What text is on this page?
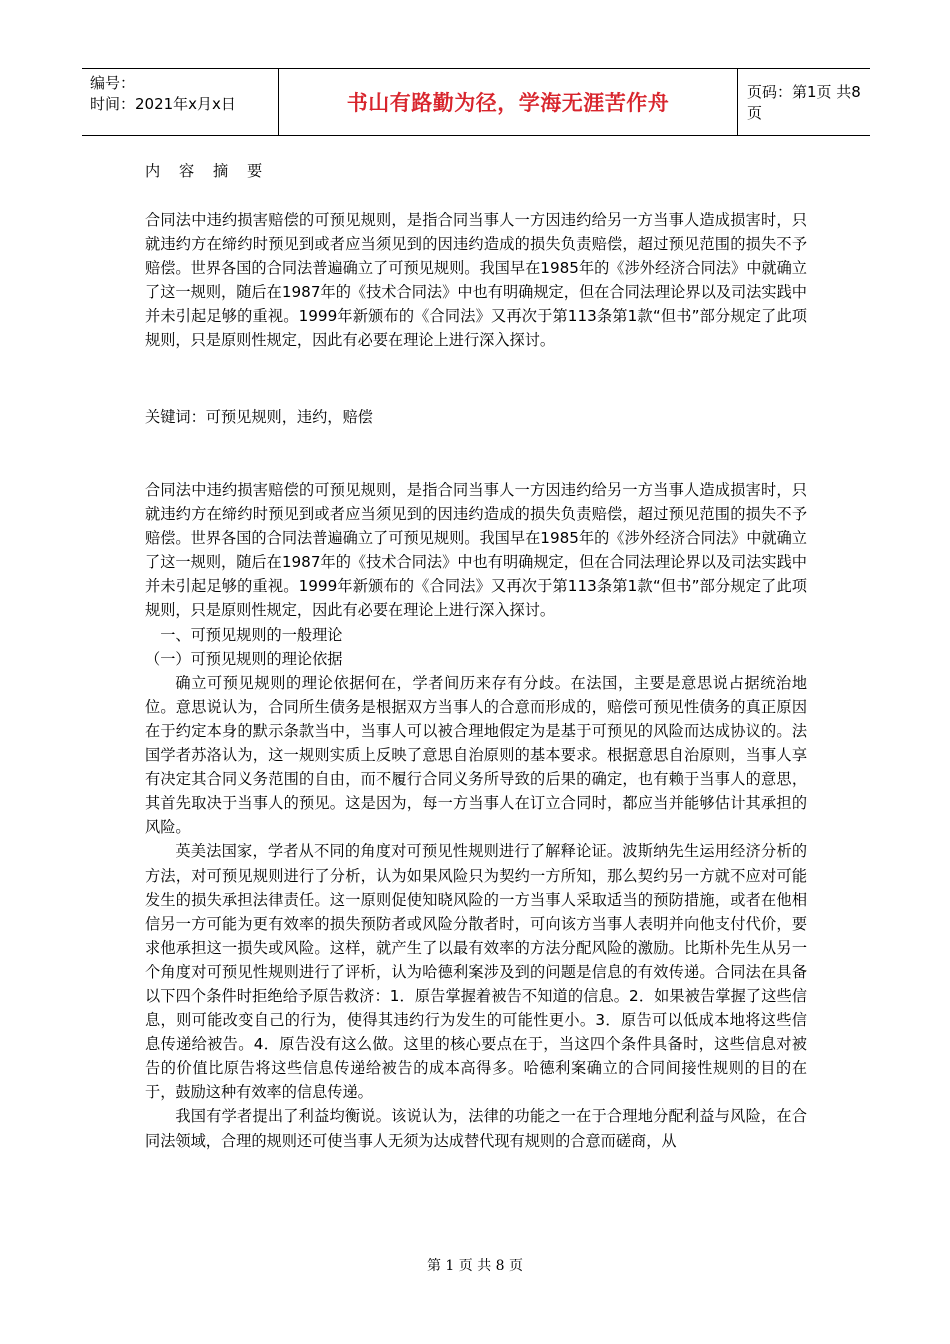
编号：
时间：2021年x月x日	书山有路勤为径，学海无涯苦作舟	页码：第1页 共8页
内 容 摘 要

合同法中违约损害赔偿的可预见规则，是指合同当事人一方因违约给另一方当事人造成损害时，只就违约方在缔约时预见到或者应当须见到的因违约造成的损失负责赔偿，超过预见范围的损失不予赔偿。世界各国的合同法普遍确立了可预见规则。我国早在1985年的《涉外经济合同法》中就确立了这一规则，随后在1987年的《技术合同法》中也有明确规定，但在合同法理论界以及司法实践中并未引起足够的重视。1999年新颁布的《合同法》又再次于第113条第1款“但书”部分规定了此项规则，只是原则性规定，因此有必要在理论上进行深入探讨。

关键词：可预见规则，违约，赔偿

合同法中违约损害赔偿的可预见规则，是指合同当事人一方因违约给另一方当事人造成损害时，只就违约方在缔约时预见到或者应当须见到的因违约造成的损失负责赔偿，超过预见范围的损失不予赔偿。世界各国的合同法普遍确立了可预见规则。我国早在1985年的《涉外经济合同法》中就确立了这一规则，随后在1987年的《技术合同法》中也有明确规定，但在合同法理论界以及司法实践中并未引起足够的重视。1999年新颁布的《合同法》又再次于第113条第1款“但书”部分规定了此项规则，只是原则性规定，因此有必要在理论上进行深入探讨。

　一、可预见规则的一般理论

（一）可预见规则的理论依据

确立可预见规则的理论依据何在，学者间历来存有分歧。在法国，主要是意思说占据统治地位。意思说认为，合同所生债务是根据双方当事人的合意而形成的，赔偿可预见性债务的真正原因在于约定本身的默示条款当中，当事人可以被合理地假定为是基于可预见的风险而达成协议的。法国学者苏洛认为，这一规则实质上反映了意思自治原则的基本要求。根据意思自治原则，当事人享有决定其合同义务范围的自由，而不履行合同义务所导致的后果的确定，也有赖于当事人的意思，其首先取决于当事人的预见。这是因为，每一方当事人在订立合同时，都应当并能够估计其承担的风险。

英美法国家，学者从不同的角度对可预见性规则进行了解释论证。波斯纳先生运用经济分析的方法，对可预见规则进行了分析，认为如果风险只为契约一方所知，那么契约另一方就不应对可能发生的损失承担法律责任。这一原则促使知晓风险的一方当事人采取适当的预防措施，或者在他相信另一方可能为更有效率的损失预防者或风险分散者时，可向该方当事人表明并向他支付代价，要求他承担这一损失或风险。这样，就产生了以最有效率的方法分配风险的激励。比斯朴先生从另一个角度对可预见性规则进行了评析，认为哈德利案涉及到的问题是信息的有效传递。合同法在具备以下四个条件时拒绝给予原告救济：1．原告掌握着被告不知道的信息。2．如果被告掌握了这些信息，则可能改变自己的行为，使得其违约行为发生的可能性更小。3．原告可以低成本地将这些信息传递给被告。4．原告没有这么做。这里的核心要点在于，当这四个条件具备时，这些信息对被告的价值比原告将这些信息传递给被告的成本高得多。哈德利案确立的合同间接性规则的目的在于，鼓励这种有效率的信息传递。

我国有学者提出了利益均衡说。该说认为，法律的功能之一在于合理地分配利益与风险，在合同法领域，合理的规则还可使当事人无须为达成替代现有规则的合意而磋商，从

第 1 页 共 8 页
